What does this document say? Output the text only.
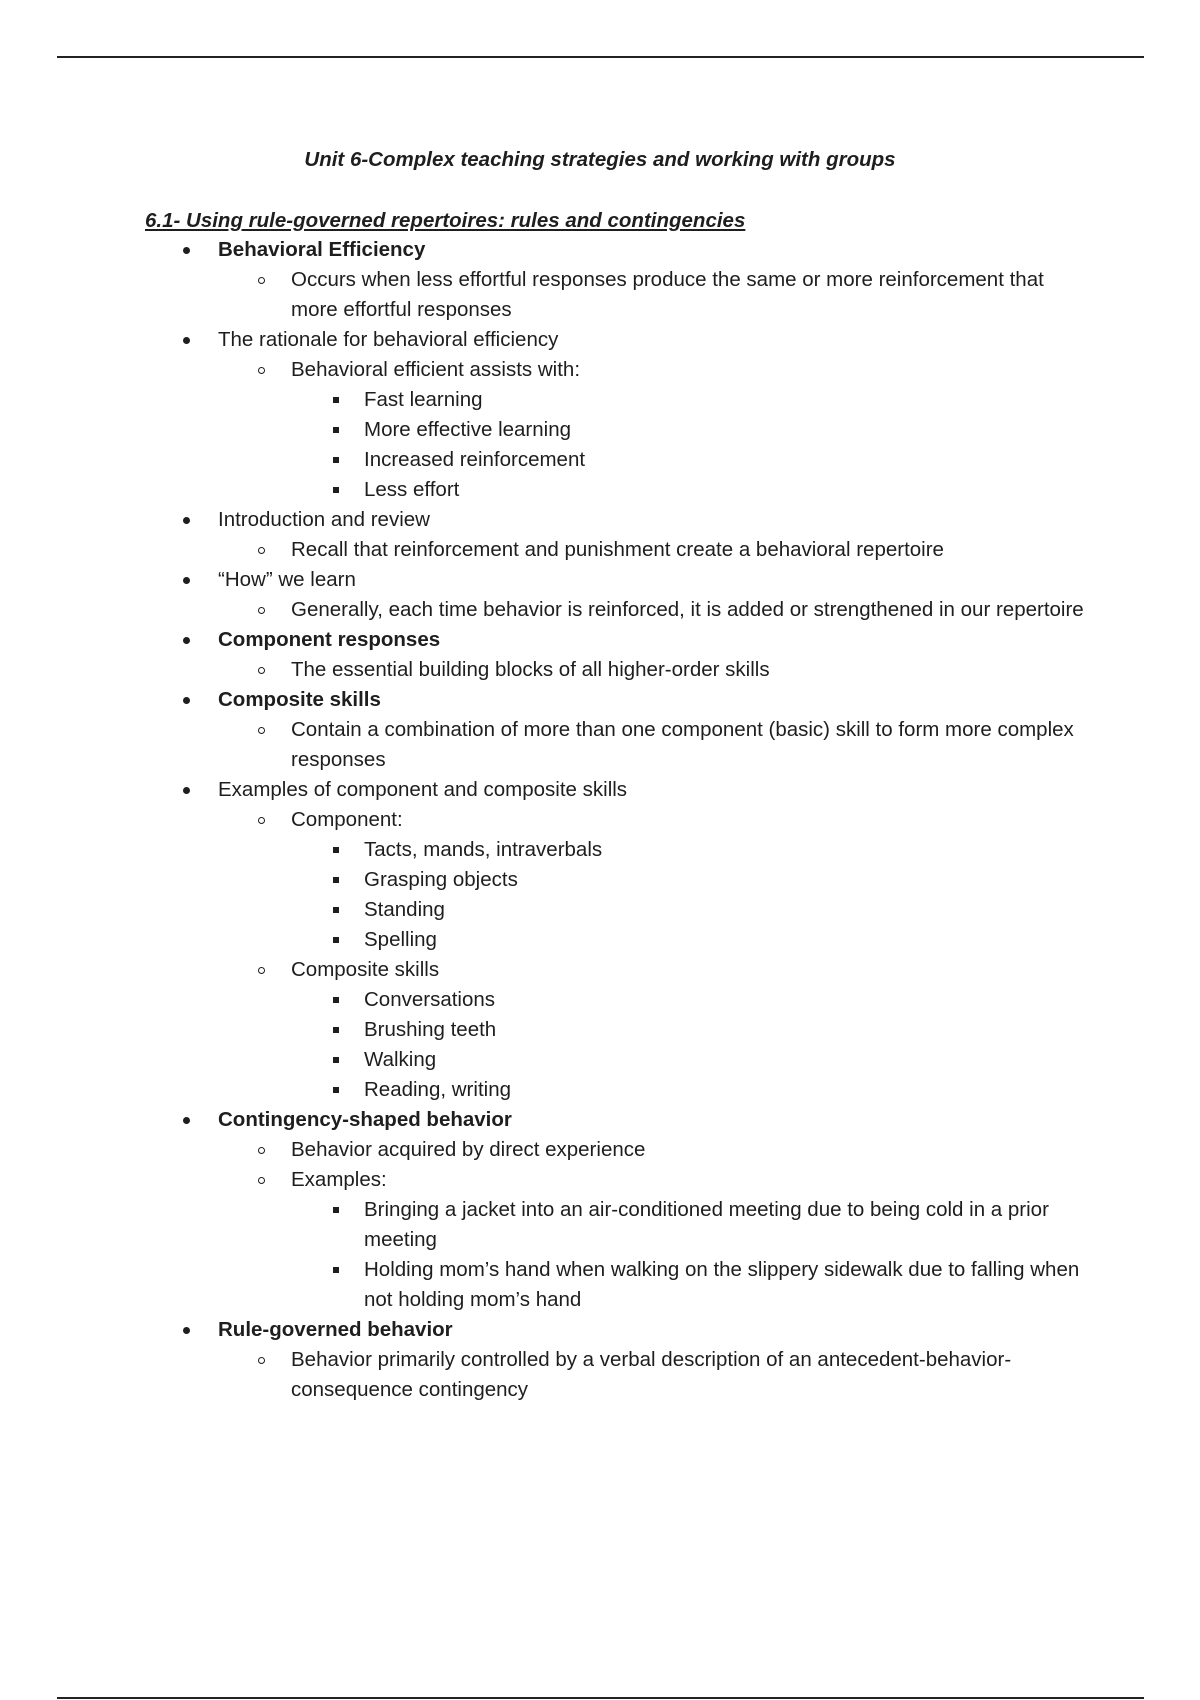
Unit 6-Complex teaching strategies and working with groups
6.1- Using rule-governed repertoires: rules and contingencies
Behavioral Efficiency
Occurs when less effortful responses produce the same or more reinforcement that more effortful responses
The rationale for behavioral efficiency
Behavioral efficient assists with:
Fast learning
More effective learning
Increased reinforcement
Less effort
Introduction and review
Recall that reinforcement and punishment create a behavioral repertoire
“How” we learn
Generally, each time behavior is reinforced, it is added or strengthened in our repertoire
Component responses
The essential building blocks of all higher-order skills
Composite skills
Contain a combination of more than one component (basic) skill to form more complex responses
Examples of component and composite skills
Component:
Tacts, mands, intraverbals
Grasping objects
Standing
Spelling
Composite skills
Conversations
Brushing teeth
Walking
Reading, writing
Contingency-shaped behavior
Behavior acquired by direct experience
Examples:
Bringing a jacket into an air-conditioned meeting due to being cold in a prior meeting
Holding mom’s hand when walking on the slippery sidewalk due to falling when not holding mom’s hand
Rule-governed behavior
Behavior primarily controlled by a verbal description of an antecedent-behavior-consequence contingency
